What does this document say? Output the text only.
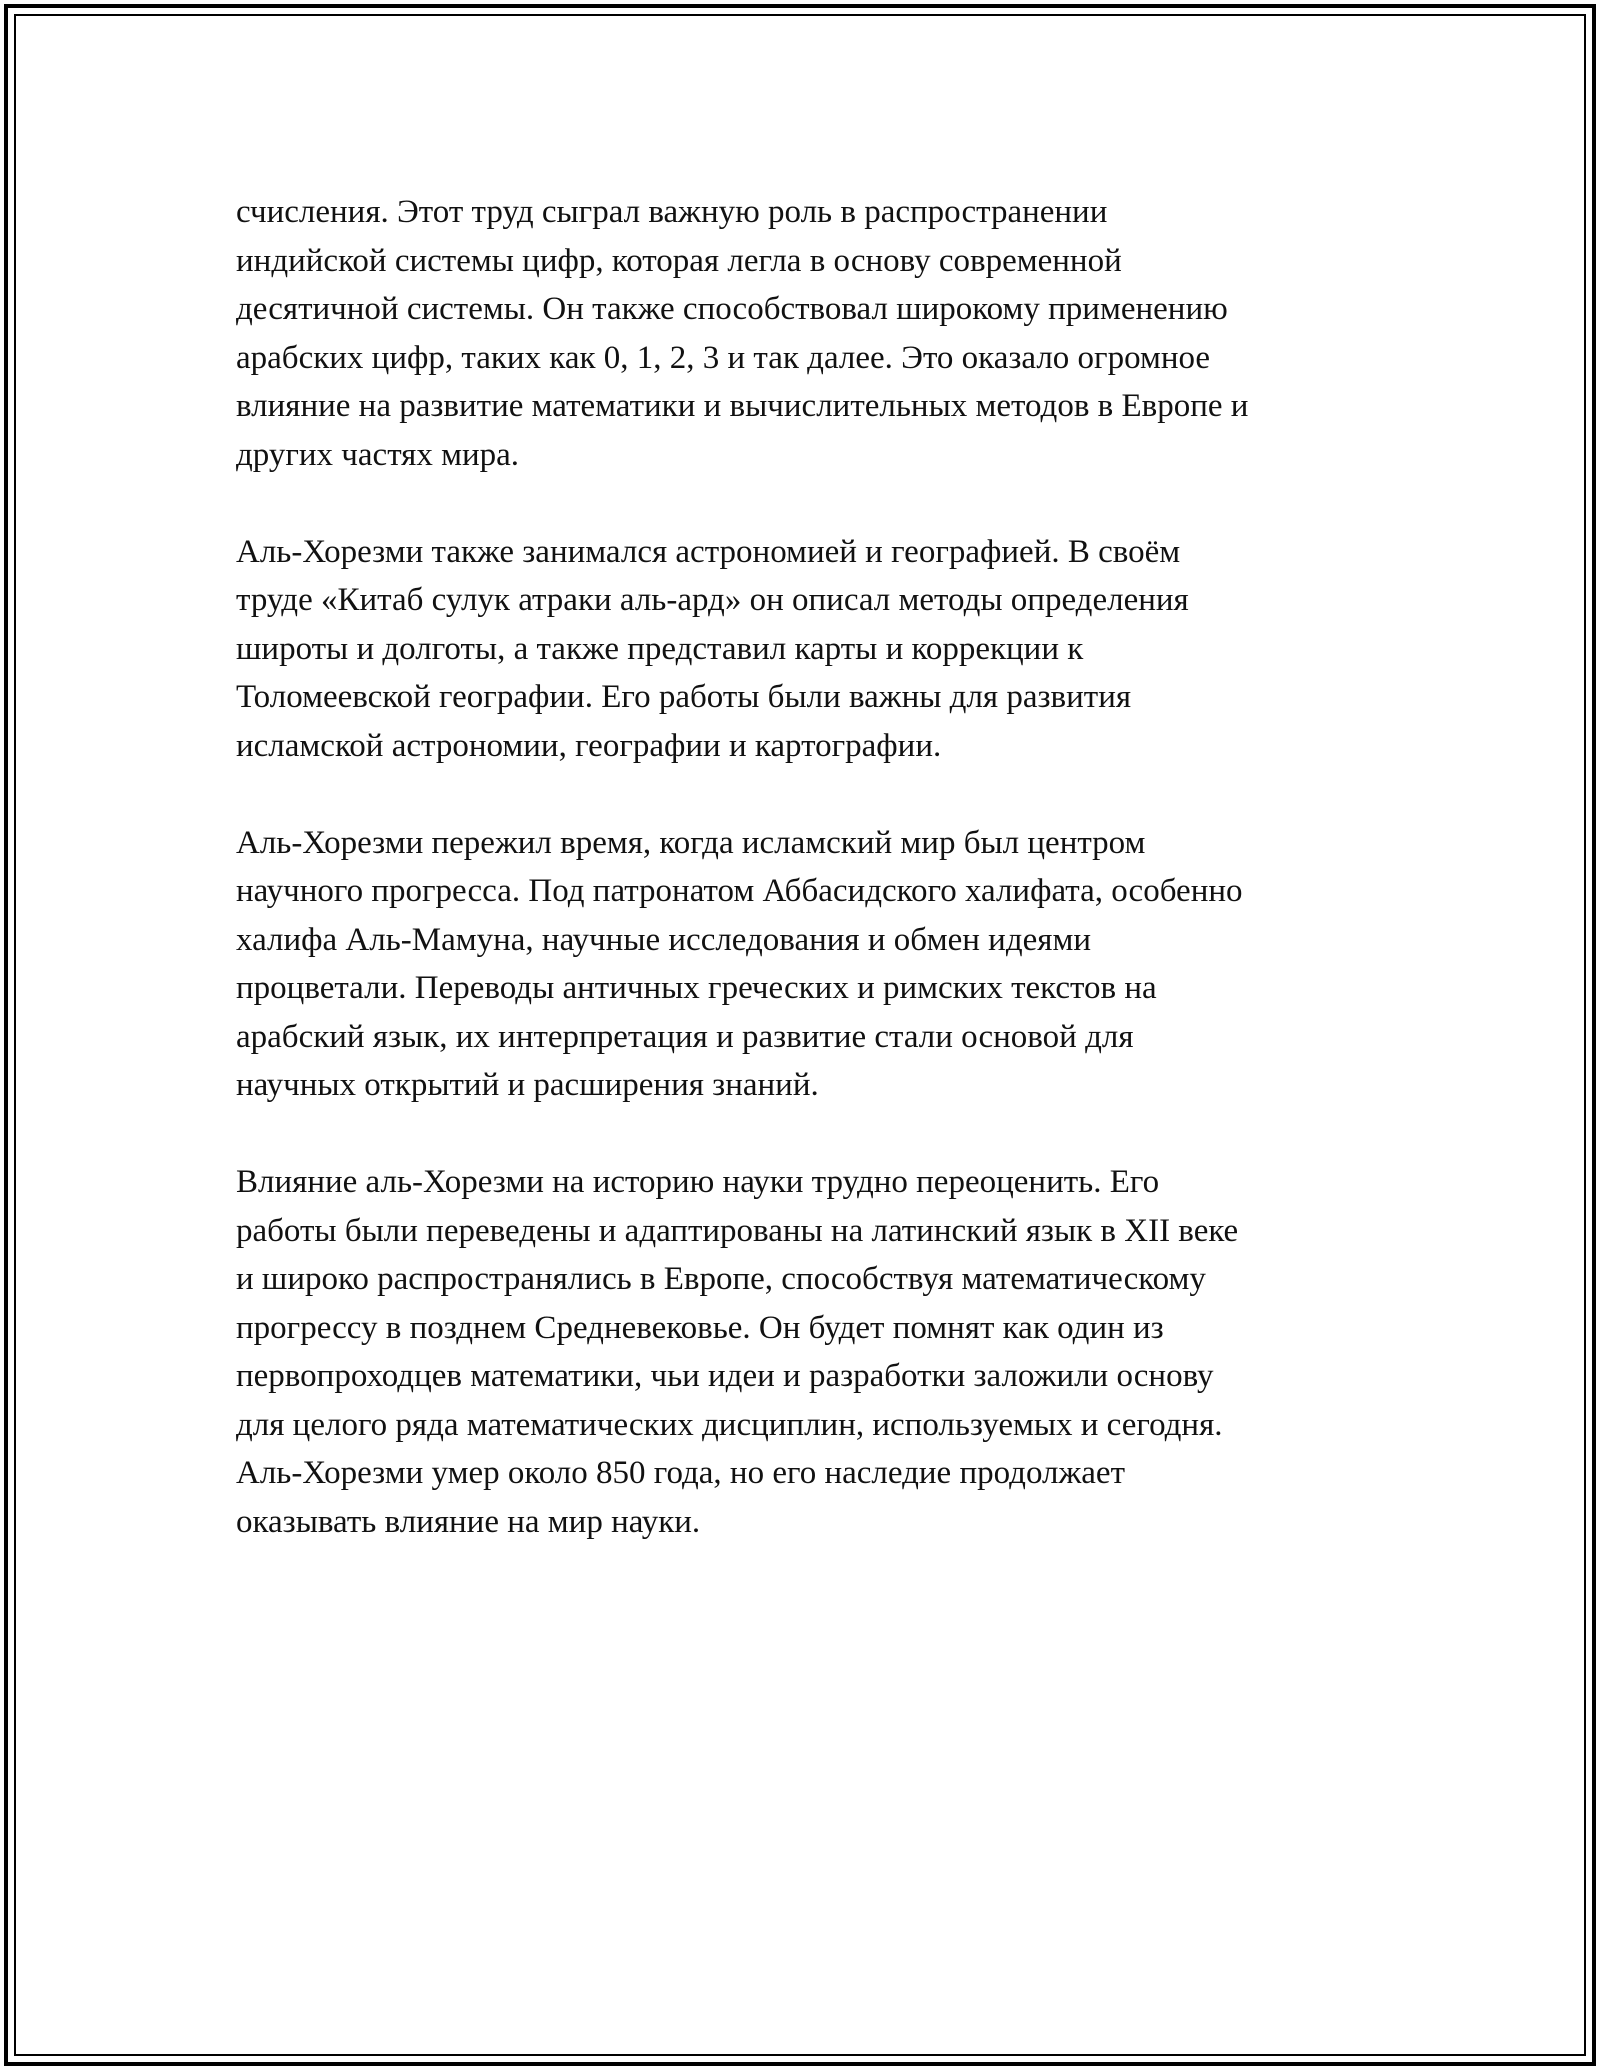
счисления. Этот труд сыграл важную роль в распространении
индийской системы цифр, которая легла в основу современной
десятичной системы. Он также способствовал широкому применению
арабских цифр, таких как 0, 1, 2, 3 и так далее. Это оказало огромное
влияние на развитие математики и вычислительных методов в Европе и
других частях мира.

Аль-Хорезми также занимался астрономией и географией. В своём
труде «Китаб сулук атраки аль-ард» он описал методы определения
широты и долготы, а также представил карты и коррекции к
Толомеевской географии. Его работы были важны для развития
исламской астрономии, географии и картографии.

Аль-Хорезми пережил время, когда исламский мир был центром
научного прогресса. Под патронатом Аббасидского халифата, особенно
халифа Аль-Мамуна, научные исследования и обмен идеями
процветали. Переводы античных греческих и римских текстов на
арабский язык, их интерпретация и развитие стали основой для
научных открытий и расширения знаний.

Влияние аль-Хорезми на историю науки трудно переоценить. Его
работы были переведены и адаптированы на латинский язык в XII веке
и широко распространялись в Европе, способствуя математическому
прогрессу в позднем Средневековье. Он будет помнят как один из
первопроходцев математики, чьи идеи и разработки заложили основу
для целого ряда математических дисциплин, используемых и сегодня.
Аль-Хорезми умер около 850 года, но его наследие продолжает
оказывать влияние на мир науки.
